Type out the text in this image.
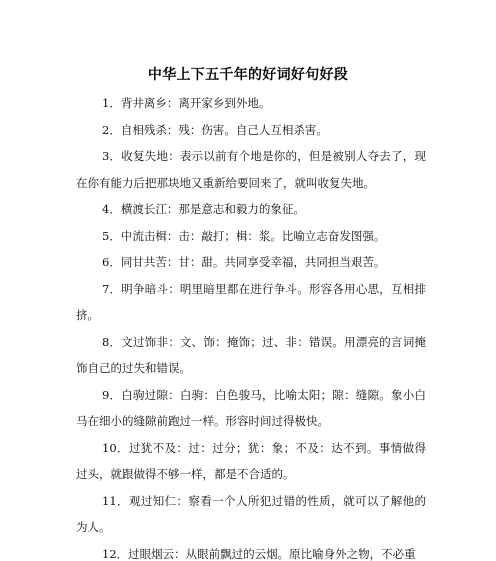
中华上下五千年的好词好句好段

1．背井离乡：离开家乡到外地。

2．自相残杀：残：伤害。自己人互相杀害。

3．收复失地：表示以前有个地是你的，但是被别人夺去了，现在你有能力后把那块地又重新给要回来了，就叫收复失地。

4．横渡长江：那是意志和毅力的象征。

5．中流击楫：击：敲打；楫：浆。比喻立志奋发图强。

6．同甘共苦：甘：甜。共同享受幸福，共同担当艰苦。

7．明争暗斗：明里暗里都在进行争斗。形容各用心思，互相排挤。

8．文过饰非：文、饰：掩饰；过、非：错误。用漂亮的言词掩饰自己的过失和错误。

9．白驹过隙：白驹：白色骏马，比喻太阳；隙：缝隙。象小白马在细小的缝隙前跑过一样。形容时间过得极快。

10．过犹不及：过：过分；犹：象；不及：达不到。事情做得过头，就跟做得不够一样，都是不合适的。

11．观过知仁：察看一个人所犯过错的性质，就可以了解他的为人。

12．过眼烟云：从眼前飘过的云烟。原比喻身外之物，不必重
